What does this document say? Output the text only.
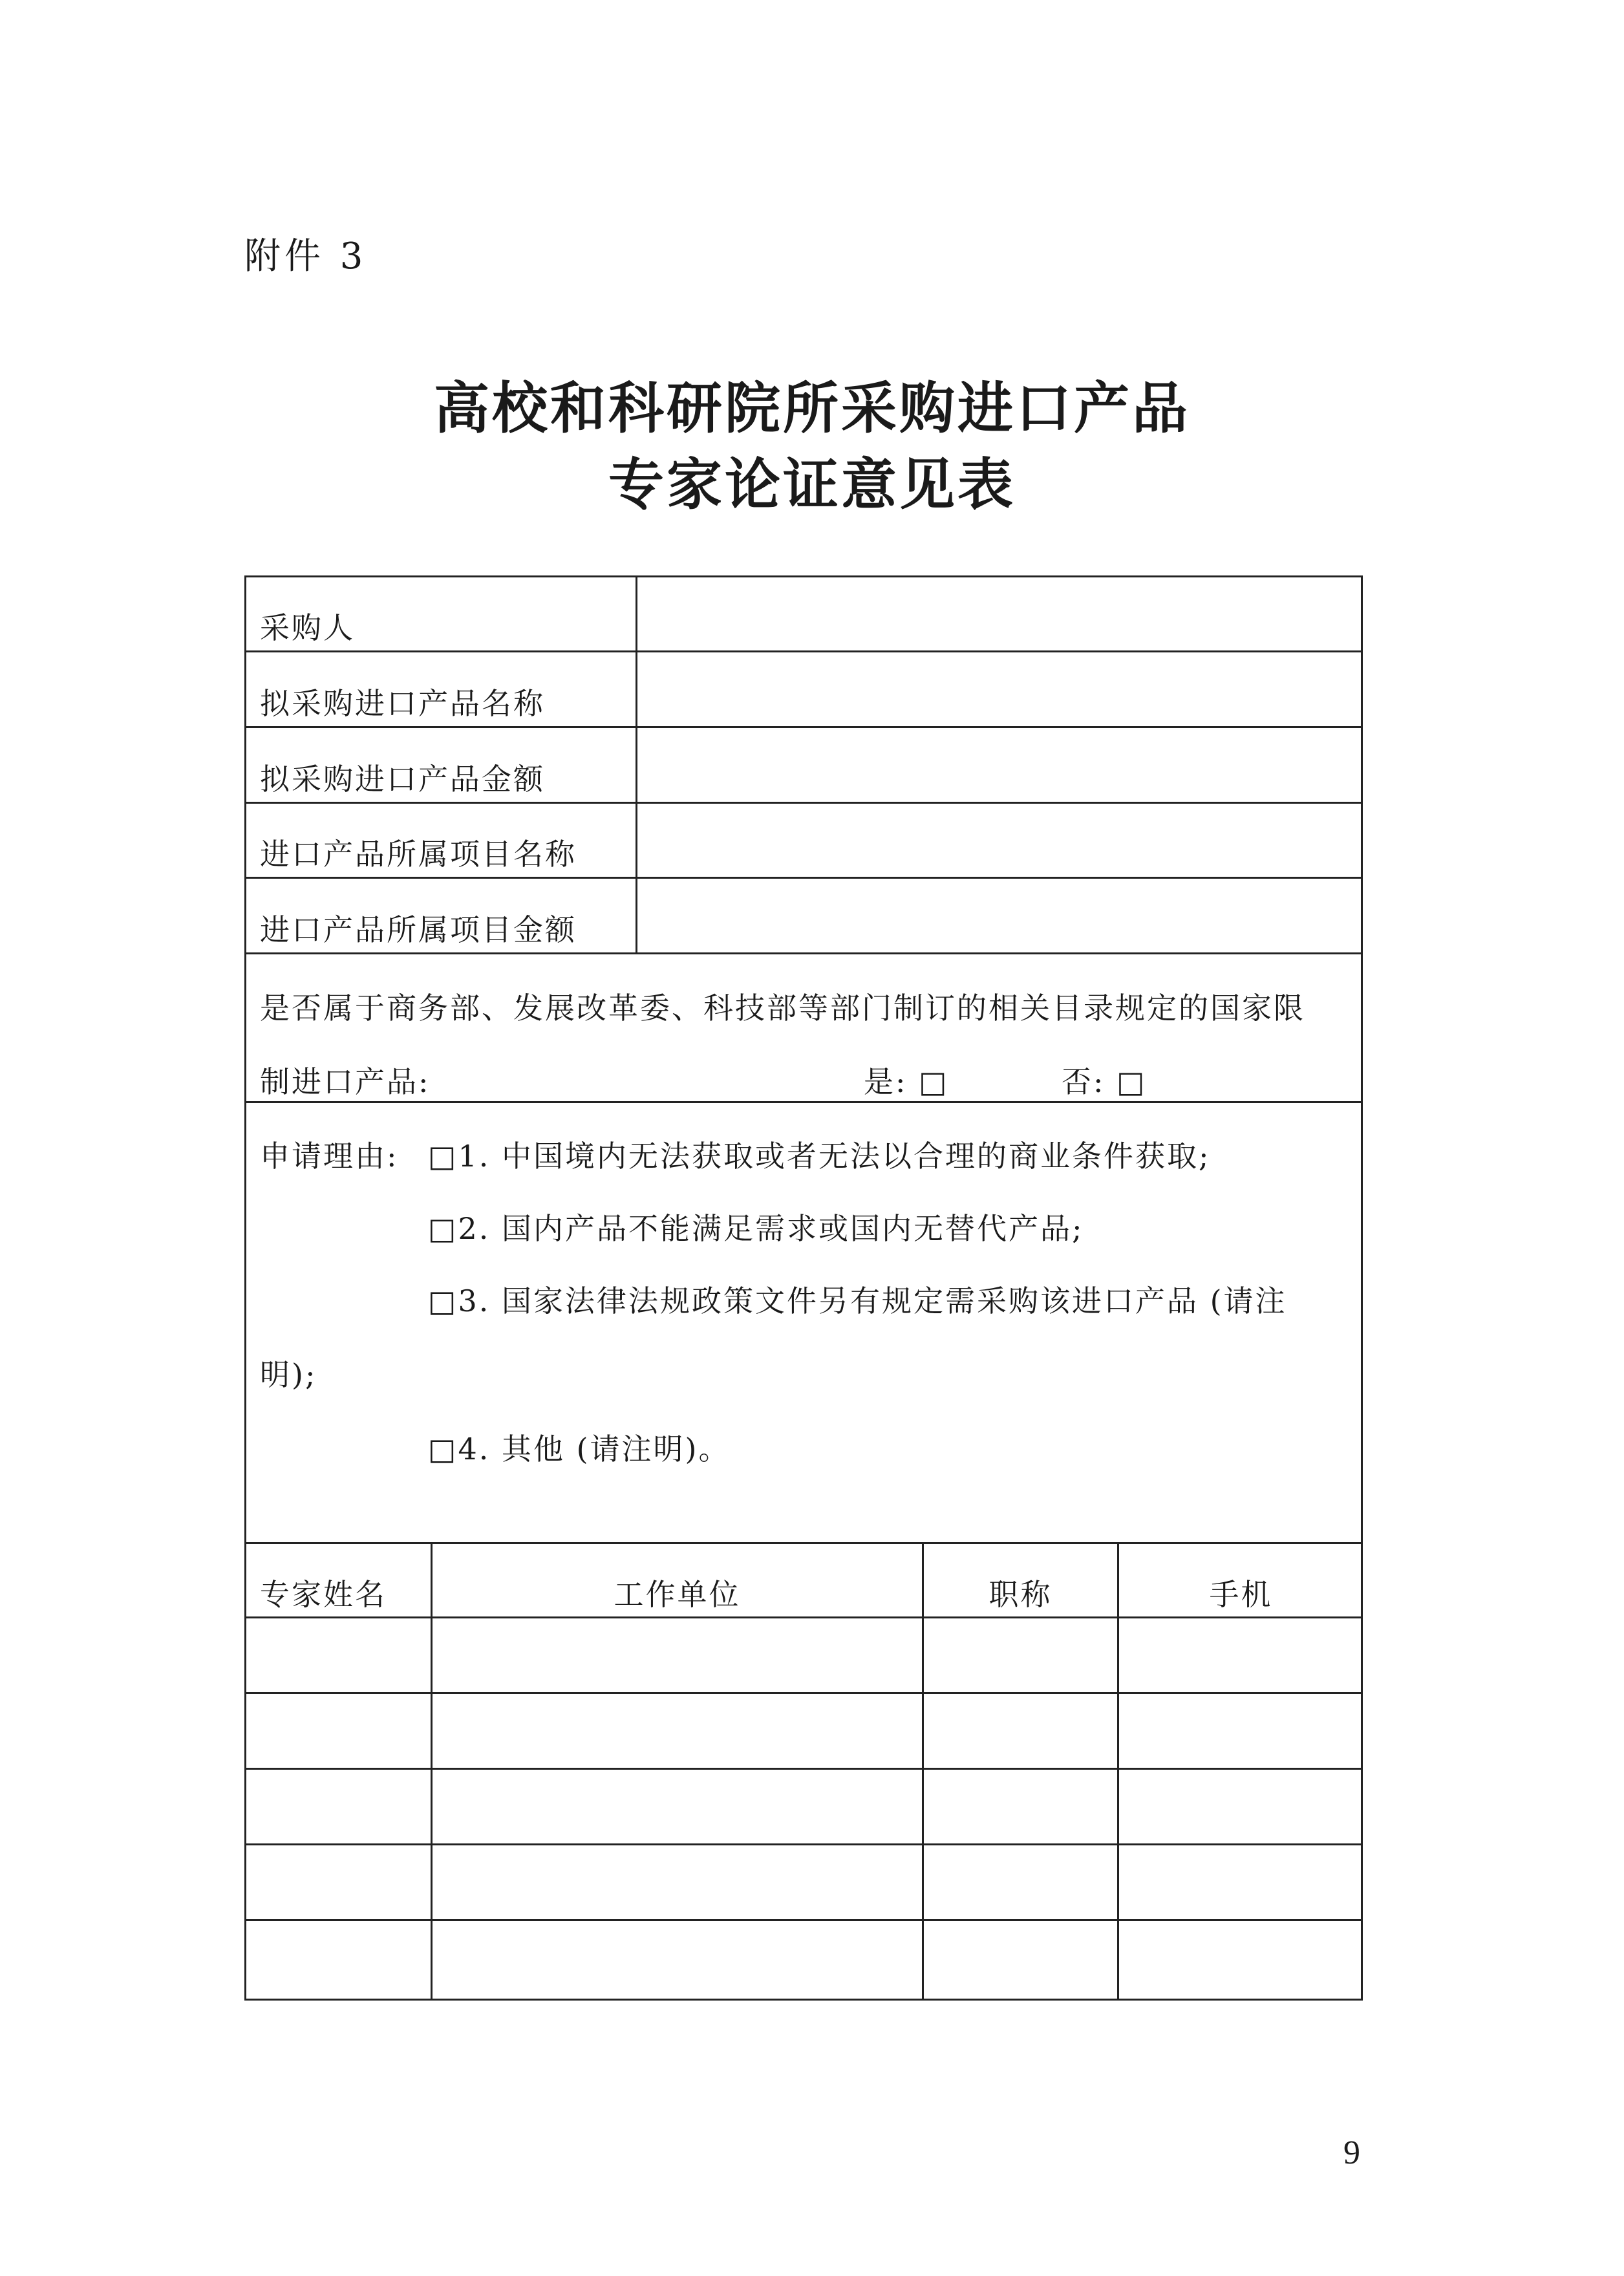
附件 3
高校和科研院所采购进口产品
专家论证意见表
采购人
拟采购进口产品名称
拟采购进口产品金额
进口产品所属项目名称
进口产品所属项目金额
是否属于商务部、发展改革委、科技部等部门制订的相关目录规定的国家限
制进口产品:	是: □	否: □
申请理由: □1. 中国境内无法获取或者无法以合理的商业条件获取;
□2. 国内产品不能满足需求或国内无替代产品;
□3. 国家法律法规政策文件另有规定需采购该进口产品 (请注
明);
□4. 其他 (请注明)。
专家姓名	工作单位	职称	手机
9
